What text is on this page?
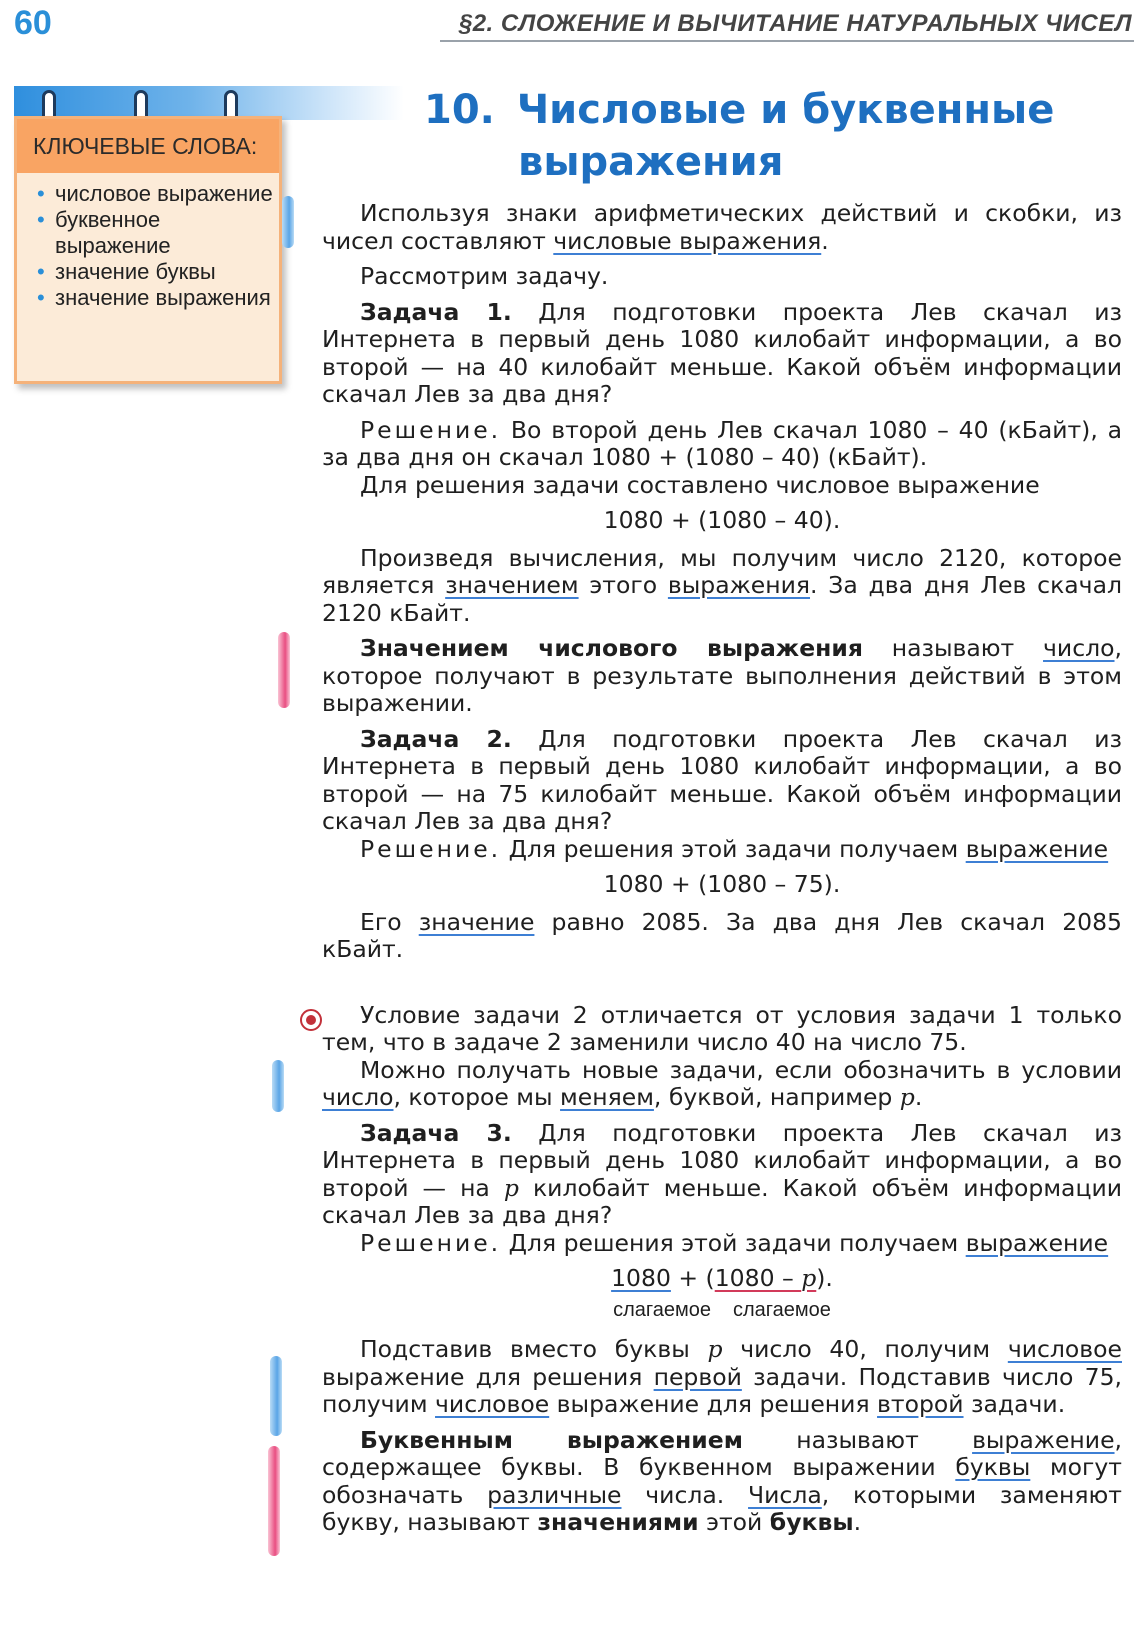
60	§2. СЛОЖЕНИЕ И ВЫЧИТАНИЕ НАТУРАЛЬНЫХ ЧИСЕЛ
КЛЮЧЕВЫЕ СЛОВА:
• числовое выражение
• буквенное выражение
• значение буквы
• значение выражения
10. Числовые и буквенные
выражения

Используя знаки арифметических действий и скобки, из чисел составляют числовые выражения.

Рассмотрим задачу.

Задача 1. Для подготовки проекта Лев скачал из Интернета в первый день 1080 килобайт информации, а во второй — на 40 килобайт меньше. Какой объём информации скачал Лев за два дня?

Решение. Во второй день Лев скачал 1080 – 40 (кБайт), а за два дня он скачал 1080 + (1080 – 40) (кБайт).

Для решения задачи составлено числовое выражение

1080 + (1080 – 40).

Произведя вычисления, мы получим число 2120, которое является значением этого выражения. За два дня Лев скачал 2120 кБайт.

Значением числового выражения называют число, которое получают в результате выполнения действий в этом выражении.

Задача 2. Для подготовки проекта Лев скачал из Интернета в первый день 1080 килобайт информации, а во второй — на 75 килобайт меньше. Какой объём информации скачал Лев за два дня?

Решение. Для решения этой задачи получаем выражение

1080 + (1080 – 75).

Его значение равно 2085. За два дня Лев скачал 2085 кБайт.

Условие задачи 2 отличается от условия задачи 1 только тем, что в задаче 2 заменили число 40 на число 75.

Можно получать новые задачи, если обозначить в условии число, которое мы меняем, буквой, например p.

Задача 3. Для подготовки проекта Лев скачал из Интернета в первый день 1080 килобайт информации, а во второй — на p килобайт меньше. Какой объём информации скачал Лев за два дня?

Решение. Для решения этой задачи получаем выражение

1080 + (1080 – p).
слагаемое слагаемое

Подставив вместо буквы p число 40, получим числовое выражение для решения первой задачи. Подставив число 75, получим числовое выражение для решения второй задачи.

Буквенным выражением называют выражение, содержащее буквы. В буквенном выражении буквы могут обозначать различные числа. Числа, которыми заменяют букву, называют значениями этой буквы.
